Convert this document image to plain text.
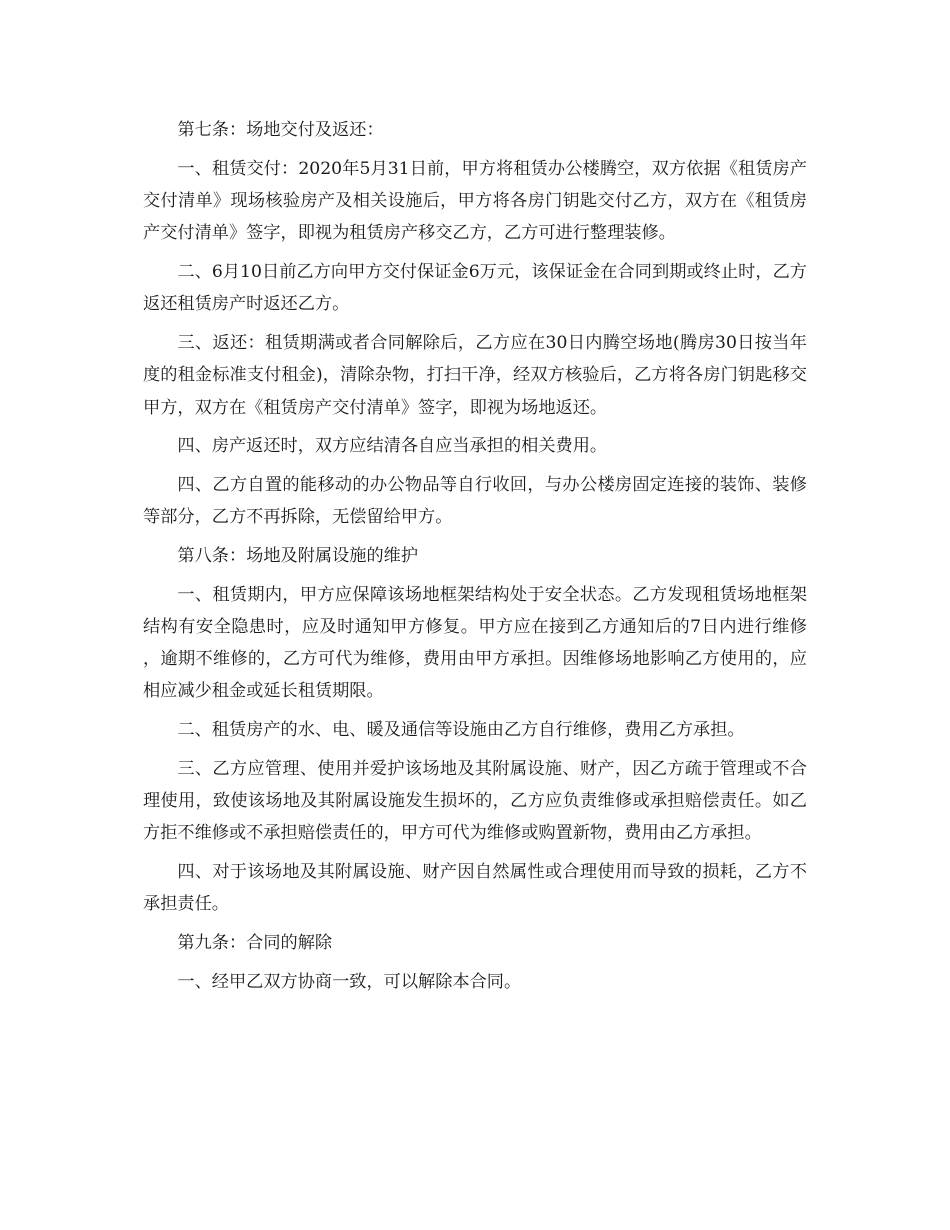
第七条：场地交付及返还：

一、租赁交付：2020年5月31日前，甲方将租赁办公楼腾空，双方依据《租赁房产交付清单》现场核验房产及相关设施后，甲方将各房门钥匙交付乙方，双方在《租赁房产交付清单》签字，即视为租赁房产移交乙方，乙方可进行整理装修。

二、6月10日前乙方向甲方交付保证金6万元，该保证金在合同到期或终止时，乙方返还租赁房产时返还乙方。

三、返还：租赁期满或者合同解除后，乙方应在30日内腾空场地(腾房30日按当年度的租金标准支付租金)，清除杂物，打扫干净，经双方核验后，乙方将各房门钥匙移交甲方，双方在《租赁房产交付清单》签字，即视为场地返还。

四、房产返还时，双方应结清各自应当承担的相关费用。

四、乙方自置的能移动的办公物品等自行收回，与办公楼房固定连接的装饰、装修等部分，乙方不再拆除，无偿留给甲方。

第八条：场地及附属设施的维护

一、租赁期内，甲方应保障该场地框架结构处于安全状态。乙方发现租赁场地框架结构有安全隐患时，应及时通知甲方修复。甲方应在接到乙方通知后的7日内进行维修，逾期不维修的，乙方可代为维修，费用由甲方承担。因维修场地影响乙方使用的，应相应减少租金或延长租赁期限。

二、租赁房产的水、电、暖及通信等设施由乙方自行维修，费用乙方承担。

三、乙方应管理、使用并爱护该场地及其附属设施、财产，因乙方疏于管理或不合理使用，致使该场地及其附属设施发生损坏的，乙方应负责维修或承担赔偿责任。如乙方拒不维修或不承担赔偿责任的，甲方可代为维修或购置新物，费用由乙方承担。

四、对于该场地及其附属设施、财产因自然属性或合理使用而导致的损耗，乙方不承担责任。

第九条：合同的解除

一、经甲乙双方协商一致，可以解除本合同。
